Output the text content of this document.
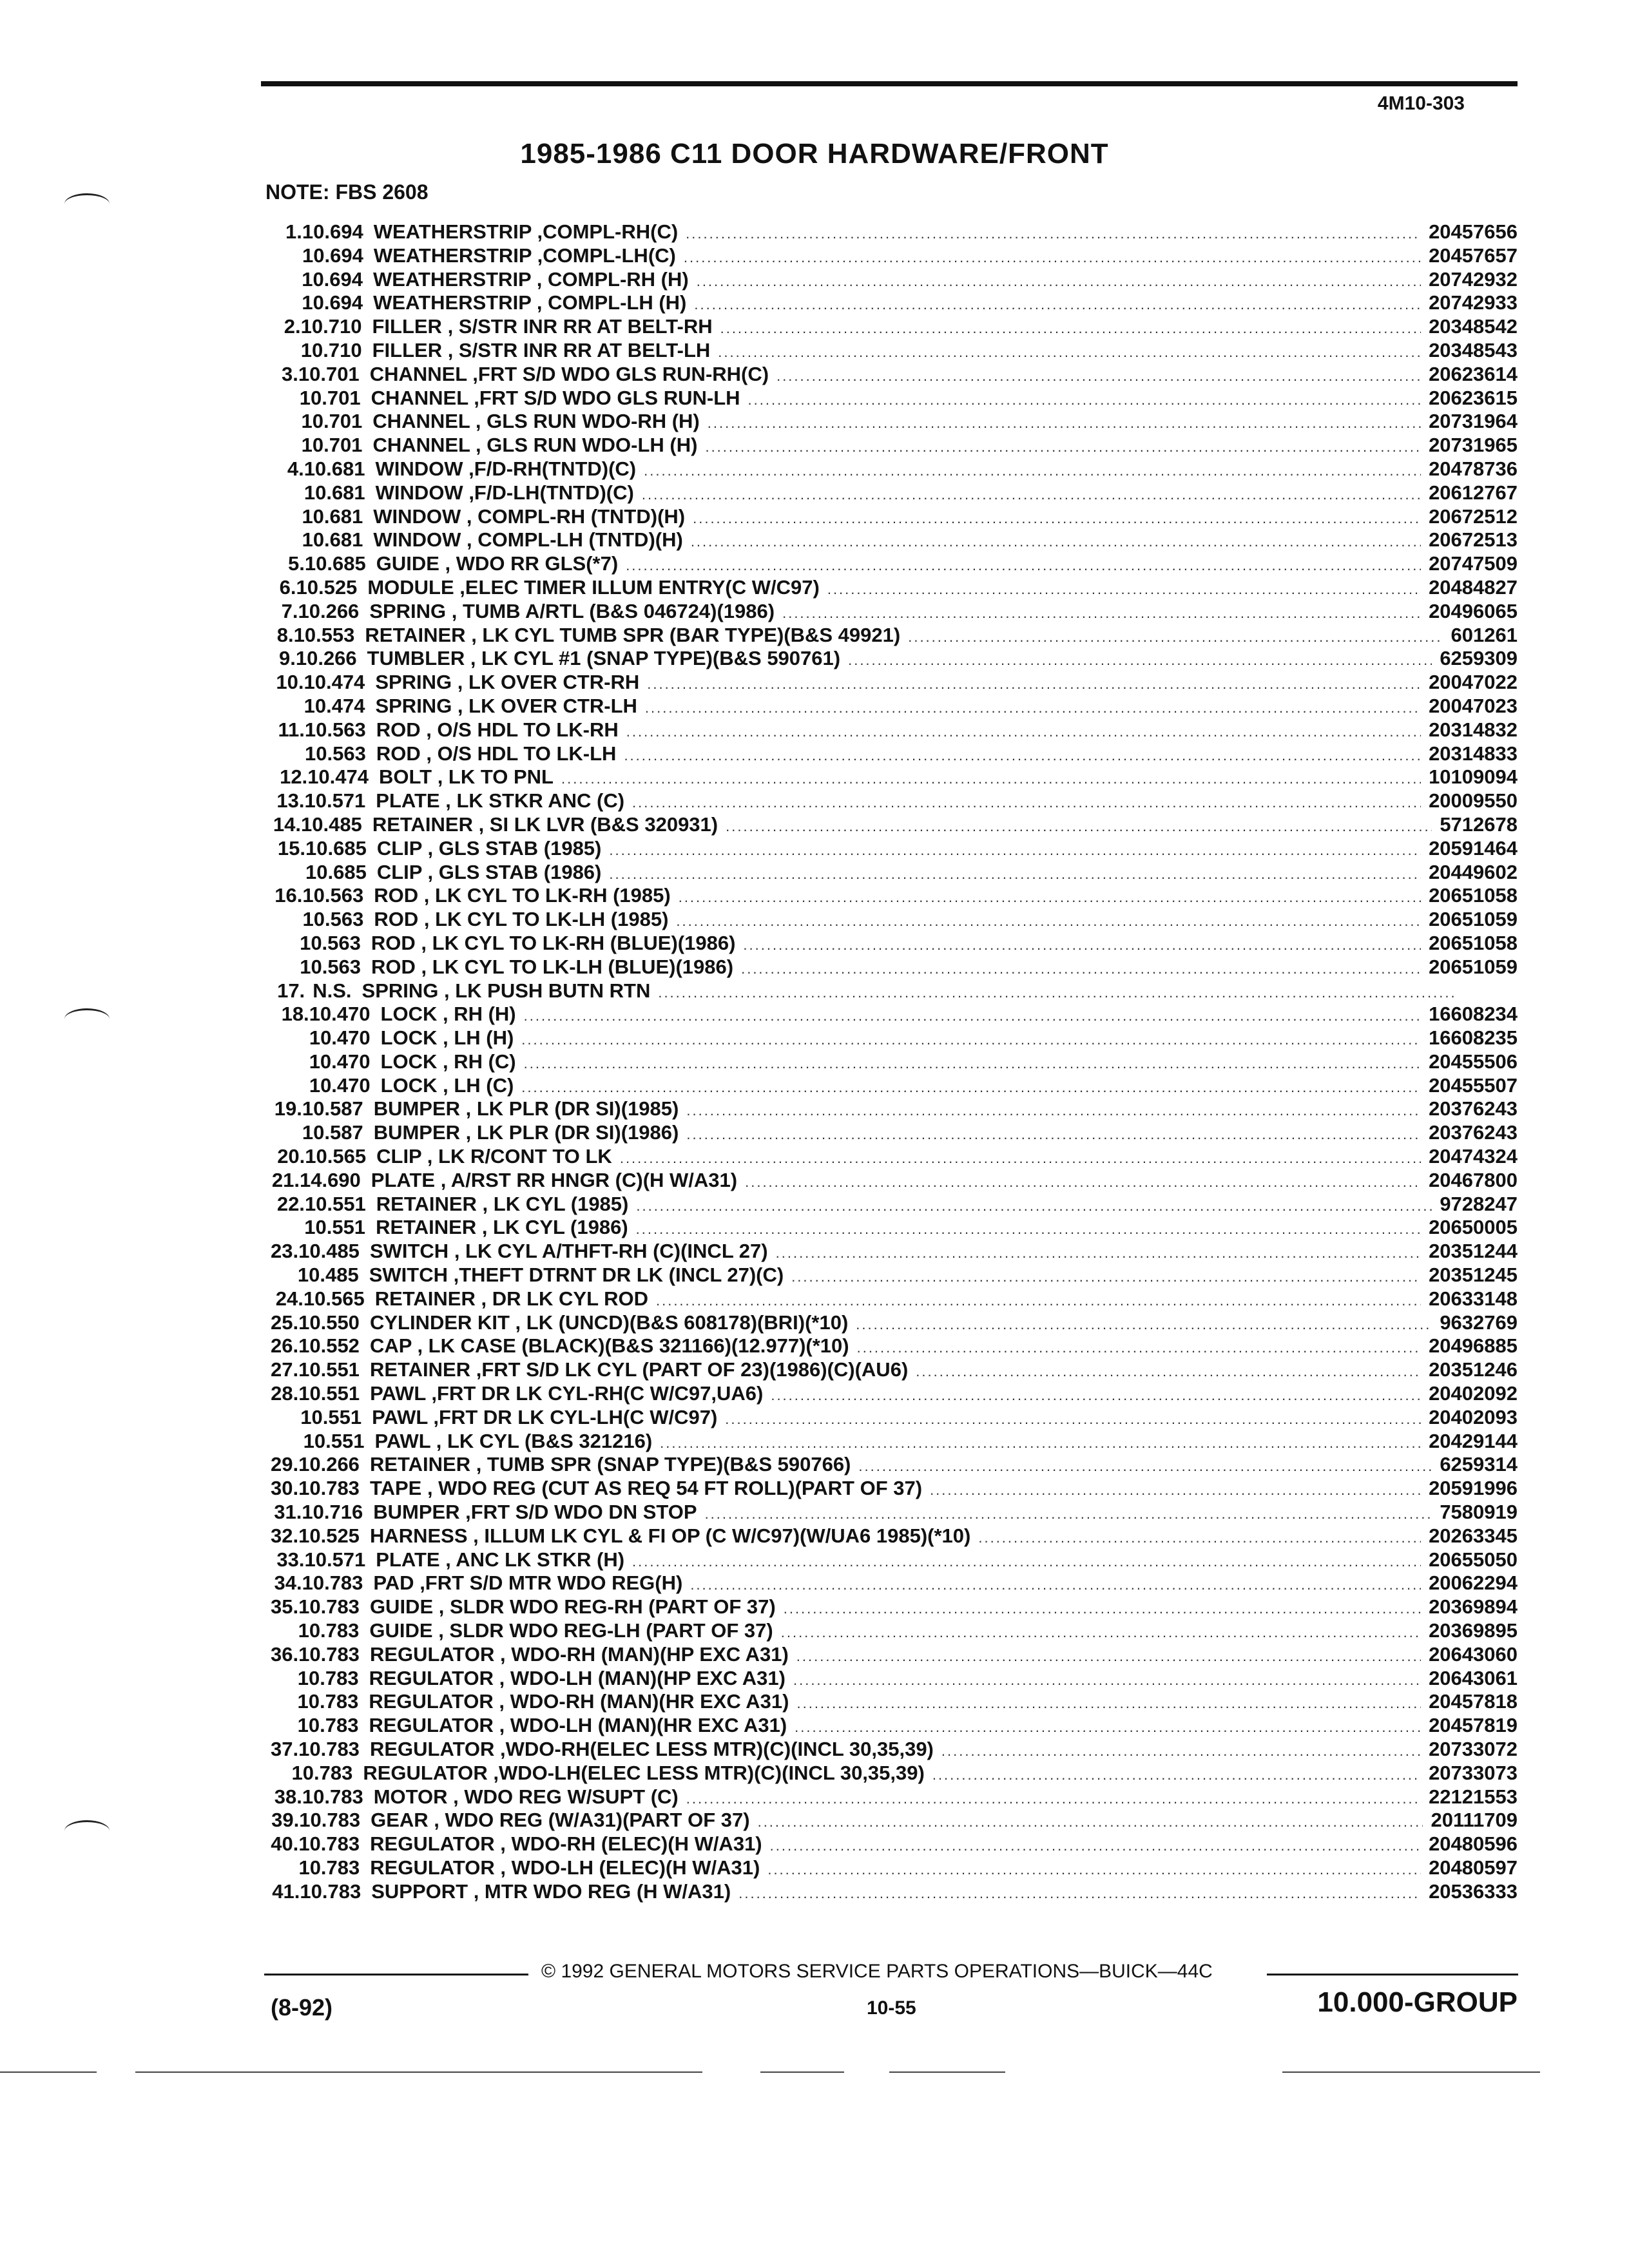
4M10-303
1985-1986 C11 DOOR HARDWARE/FRONT
NOTE: FBS 2608
1. 10.694 WEATHERSTRIP ,COMPL-RH(C) .....	20457656
10.694 WEATHERSTRIP ,COMPL-LH(C) .....	20457657
10.694 WEATHERSTRIP , COMPL-RH (H) .....	20742932
10.694 WEATHERSTRIP , COMPL-LH (H) .....	20742933
2. 10.710 FILLER , S/STR INR RR AT BELT-RH .....	20348542
10.710 FILLER , S/STR INR RR AT BELT-LH .....	20348543
3. 10.701 CHANNEL ,FRT S/D WDO GLS RUN-RH(C) .....	20623614
10.701 CHANNEL ,FRT S/D WDO GLS RUN-LH .....	20623615
10.701 CHANNEL , GLS RUN WDO-RH (H) .....	20731964
10.701 CHANNEL , GLS RUN WDO-LH (H) .....	20731965
4. 10.681 WINDOW ,F/D-RH(TNTD)(C) .....	20478736
10.681 WINDOW ,F/D-LH(TNTD)(C) .....	20612767
10.681 WINDOW , COMPL-RH (TNTD)(H) .....	20672512
10.681 WINDOW , COMPL-LH (TNTD)(H) .....	20672513
5. 10.685 GUIDE , WDO RR GLS(*7) .....	20747509
6. 10.525 MODULE ,ELEC TIMER ILLUM ENTRY(C W/C97) .....	20484827
7. 10.266 SPRING , TUMB A/RTL (B&S 046724)(1986) .....	20496065
8. 10.553 RETAINER , LK CYL TUMB SPR (BAR TYPE)(B&S 49921) .....	601261
9. 10.266 TUMBLER , LK CYL #1 (SNAP TYPE)(B&S 590761) .....	6259309
10. 10.474 SPRING , LK OVER CTR-RH .....	20047022
10.474 SPRING , LK OVER CTR-LH .....	20047023
11. 10.563 ROD , O/S HDL TO LK-RH .....	20314832
10.563 ROD , O/S HDL TO LK-LH .....	20314833
12. 10.474 BOLT , LK TO PNL .....	10109094
13. 10.571 PLATE , LK STKR ANC (C) .....	20009550
14. 10.485 RETAINER , SI LK LVR (B&S 320931) .....	5712678
15. 10.685 CLIP , GLS STAB (1985) .....	20591464
10.685 CLIP , GLS STAB (1986) .....	20449602
16. 10.563 ROD , LK CYL TO LK-RH (1985) .....	20651058
10.563 ROD , LK CYL TO LK-LH (1985) .....	20651059
10.563 ROD , LK CYL TO LK-RH (BLUE)(1986) .....	20651058
10.563 ROD , LK CYL TO LK-LH (BLUE)(1986) .....	20651059
17. N.S. SPRING , LK PUSH BUTN RTN
.....
18. 10.470 LOCK , RH (H) .....	16608234
10.470 LOCK , LH (H) .....	16608235
10.470 LOCK , RH (C) .....	20455506
10.470 LOCK , LH (C) .....	20455507
19. 10.587 BUMPER , LK PLR (DR SI)(1985) .....	20376243
10.587 BUMPER , LK PLR (DR SI)(1986) .....	20376243
20. 10.565 CLIP , LK R/CONT TO LK .....	20474324
21. 14.690 PLATE , A/RST RR HNGR (C)(H W/A31) .....	20467800
22. 10.551 RETAINER , LK CYL (1985) .....	9728247
10.551 RETAINER , LK CYL (1986) .....	20650005
23. 10.485 SWITCH , LK CYL A/THFT-RH (C)(INCL 27) .....	20351244
10.485 SWITCH ,THEFT DTRNT DR LK (INCL 27)(C) .....	20351245
24. 10.565 RETAINER , DR LK CYL ROD .....	20633148
25. 10.550 CYLINDER KIT , LK (UNCD)(B&S 608178)(BRI)(*10) .....	9632769
26. 10.552 CAP , LK CASE (BLACK)(B&S 321166)(12.977)(*10) .....	20496885
27. 10.551 RETAINER ,FRT S/D LK CYL (PART OF 23)(1986)(C)(AU6) .....	20351246
28. 10.551 PAWL ,FRT DR LK CYL-RH(C W/C97,UA6) .....	20402092
10.551 PAWL ,FRT DR LK CYL-LH(C W/C97) .....	20402093
10.551 PAWL , LK CYL (B&S 321216) .....	20429144
29. 10.266 RETAINER , TUMB SPR (SNAP TYPE)(B&S 590766) .....	6259314
30. 10.783 TAPE , WDO REG (CUT AS REQ 54 FT ROLL)(PART OF 37) .....	20591996
31. 10.716 BUMPER ,FRT S/D WDO DN STOP .....	7580919
32. 10.525 HARNESS , ILLUM LK CYL & FI OP (C W/C97)(W/UA6 1985)(*10) .....	20263345
33. 10.571 PLATE , ANC LK STKR (H) .....	20655050
34. 10.783 PAD ,FRT S/D MTR WDO REG(H) .....	20062294
35. 10.783 GUIDE , SLDR WDO REG-RH (PART OF 37) .....	20369894
10.783 GUIDE , SLDR WDO REG-LH (PART OF 37) .....	20369895
36. 10.783 REGULATOR , WDO-RH (MAN)(HP EXC A31) .....	20643060
10.783 REGULATOR , WDO-LH (MAN)(HP EXC A31) .....	20643061
10.783 REGULATOR , WDO-RH (MAN)(HR EXC A31) .....	20457818
10.783 REGULATOR , WDO-LH (MAN)(HR EXC A31) .....	20457819
37. 10.783 REGULATOR ,WDO-RH(ELEC LESS MTR)(C)(INCL 30,35,39) .....	20733072
10.783 REGULATOR ,WDO-LH(ELEC LESS MTR)(C)(INCL 30,35,39) .....	20733073
38. 10.783 MOTOR , WDO REG W/SUPT (C) .....	22121553
39. 10.783 GEAR , WDO REG (W/A31)(PART OF 37) .....	20111709
40. 10.783 REGULATOR , WDO-RH (ELEC)(H W/A31) .....	20480596
10.783 REGULATOR , WDO-LH (ELEC)(H W/A31) .....	20480597
41. 10.783 SUPPORT , MTR WDO REG (H W/A31) .....	20536333
© 1992 GENERAL MOTORS SERVICE PARTS OPERATIONS—BUICK—44C
(8-92)	10-55	10.000-GROUP
